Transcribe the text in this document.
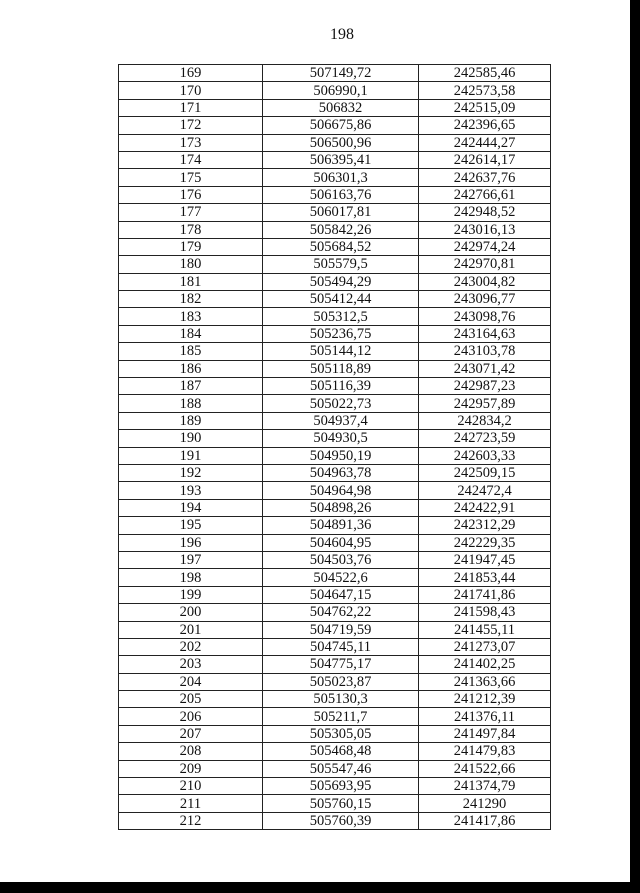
198
169	507149,72	242585,46
170	506990,1	242573,58
171	506832	242515,09
172	506675,86	242396,65
173	506500,96	242444,27
174	506395,41	242614,17
175	506301,3	242637,76
176	506163,76	242766,61
177	506017,81	242948,52
178	505842,26	243016,13
179	505684,52	242974,24
180	505579,5	242970,81
181	505494,29	243004,82
182	505412,44	243096,77
183	505312,5	243098,76
184	505236,75	243164,63
185	505144,12	243103,78
186	505118,89	243071,42
187	505116,39	242987,23
188	505022,73	242957,89
189	504937,4	242834,2
190	504930,5	242723,59
191	504950,19	242603,33
192	504963,78	242509,15
193	504964,98	242472,4
194	504898,26	242422,91
195	504891,36	242312,29
196	504604,95	242229,35
197	504503,76	241947,45
198	504522,6	241853,44
199	504647,15	241741,86
200	504762,22	241598,43
201	504719,59	241455,11
202	504745,11	241273,07
203	504775,17	241402,25
204	505023,87	241363,66
205	505130,3	241212,39
206	505211,7	241376,11
207	505305,05	241497,84
208	505468,48	241479,83
209	505547,46	241522,66
210	505693,95	241374,79
211	505760,15	241290
212	505760,39	241417,86
